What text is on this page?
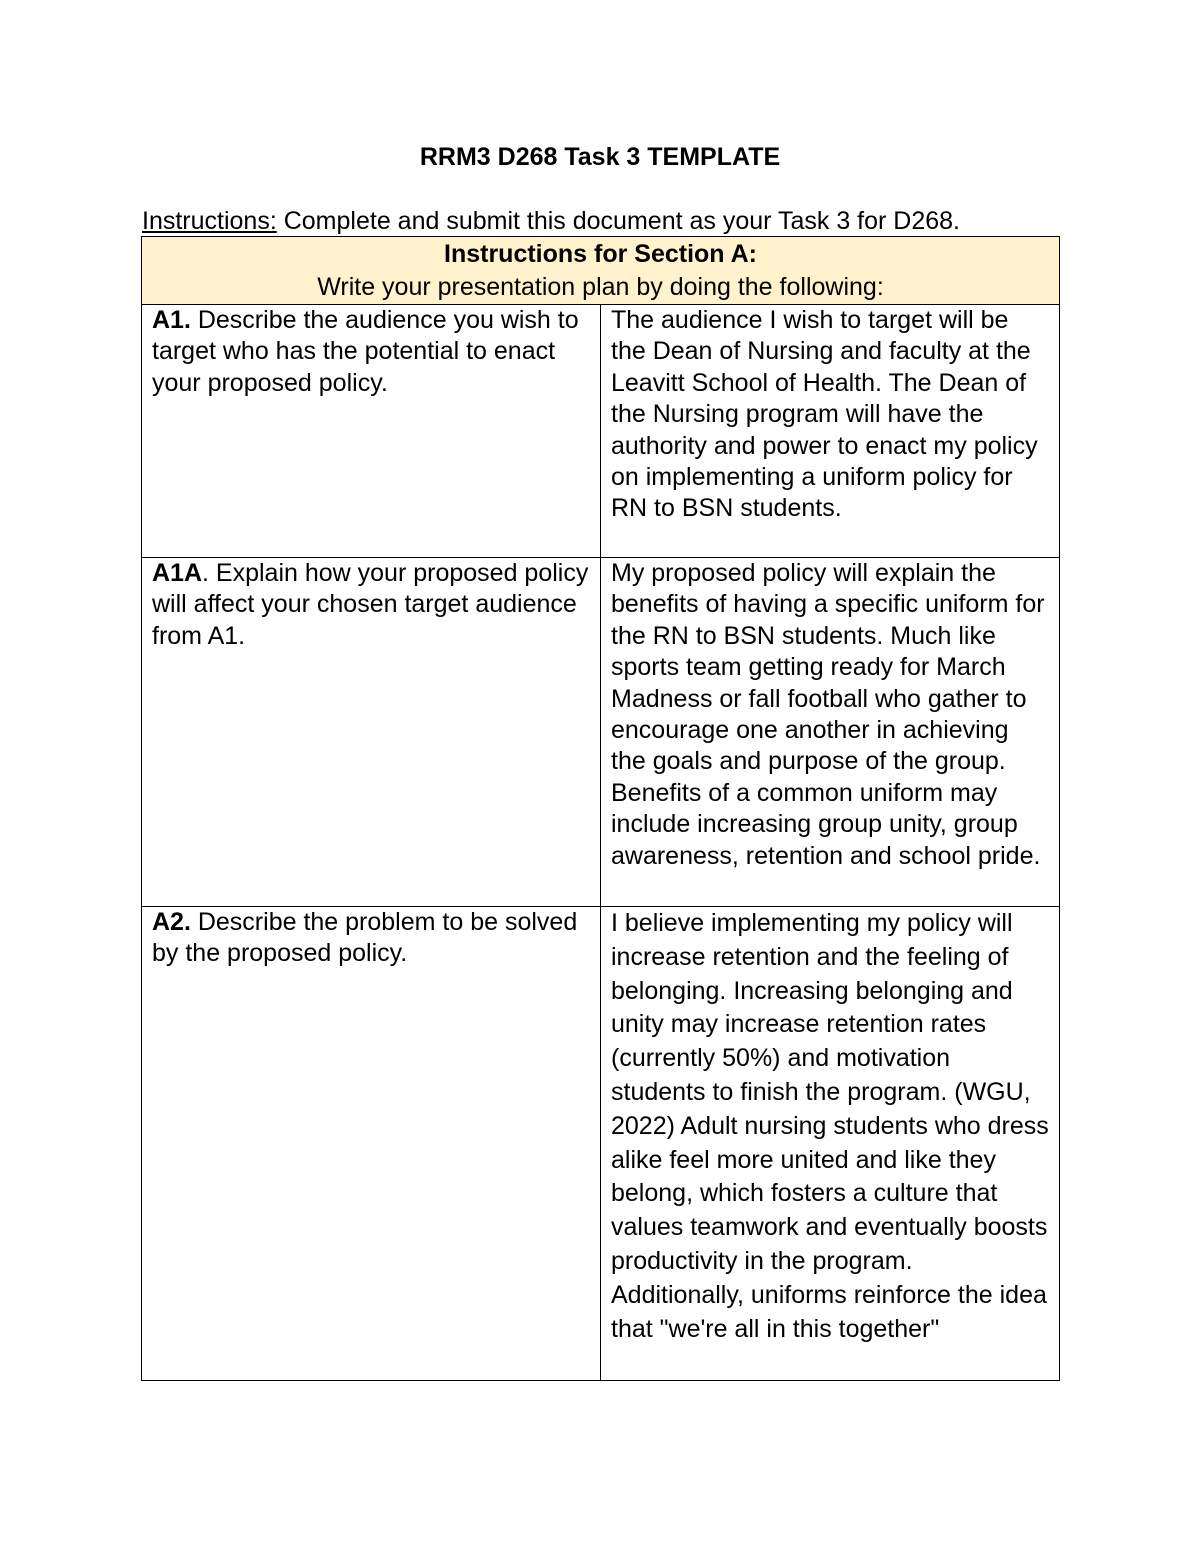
RRM3 D268 Task 3 TEMPLATE
Instructions: Complete and submit this document as your Task 3 for D268.
Instructions for Section A:
Write your presentation plan by doing the following:	

A1. Describe the audience you wish to target who has the potential to enact your proposed policy.	The audience I wish to target will be the Dean of Nursing and faculty at the Leavitt School of Health. The Dean of the Nursing program will have the authority and power to enact my policy on implementing a uniform policy for RN to BSN students.
A1A. Explain how your proposed policy will affect your chosen target audience from A1.	My proposed policy will explain the benefits of having a specific uniform for the RN to BSN students. Much like sports team getting ready for March Madness or fall football who gather to encourage one another in achieving the goals and purpose of the group. Benefits of a common uniform may include increasing group unity, group awareness, retention and school pride.
A2. Describe the problem to be solved by the proposed policy.	I believe implementing my policy will increase retention and the feeling of belonging. Increasing belonging and unity may increase retention rates (currently 50%) and motivation students to finish the program. (WGU, 2022) Adult nursing students who dress alike feel more united and like they belong, which fosters a culture that values teamwork and eventually boosts productivity in the program. Additionally, uniforms reinforce the idea that "we're all in this together"
